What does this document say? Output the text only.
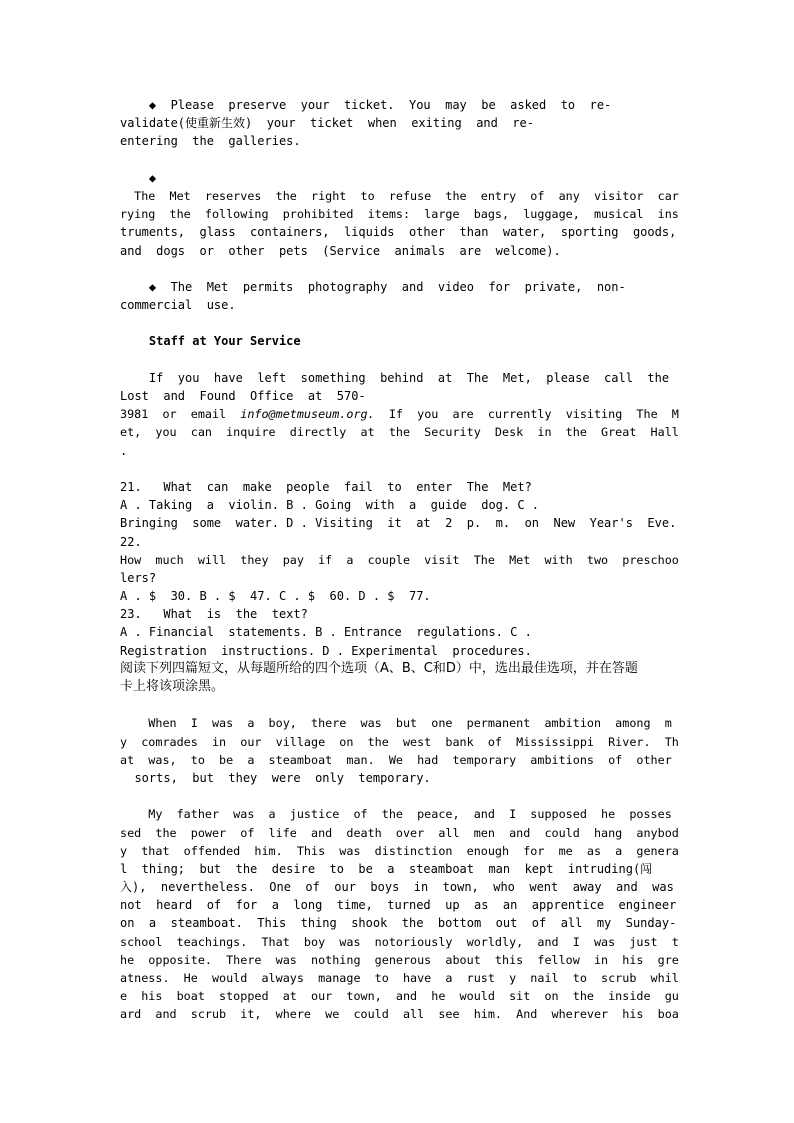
◆  Please  preserve  your  ticket.  You  may  be  asked  to  re-
validate(使重新生效)  your  ticket  when  exiting  and  re-
entering  the  galleries.
◆
The  Met  reserves  the  right  to  refuse  the  entry  of  any  visitor  car
rying  the  following  prohibited  items:  large  bags,  luggage,  musical  ins
truments,  glass  containers,  liquids  other  than  water,  sporting  goods,
and  dogs  or  other  pets  (Service  animals  are  welcome).
◆  The  Met  permits  photography  and  video  for  private,  non-
commercial  use.
Staff at Your Service
If  you  have  left  something  behind  at  The  Met,  please  call  the
Lost  and  Found  Office  at  570-
3981  or  email  info@metmuseum.org.  If  you  are  currently  visiting  The  M
et,  you  can  inquire  directly  at  the  Security  Desk  in  the  Great  Hall
.
21.   What  can  make  people  fail  to  enter  The  Met?
A . Taking  a  violin. B . Going  with  a  guide  dog. C .
Bringing  some  water. D . Visiting  it  at  2  p.  m.  on  New  Year's  Eve.
22.
How  much  will  they  pay  if  a  couple  visit  The  Met  with  two  preschoo
lers?
A . $  30. B . $  47. C . $  60. D . $  77.
23.   What  is  the  text?
A . Financial  statements. B . Entrance  regulations. C .
Registration  instructions. D . Experimental  procedures.
阅读下列四篇短文，从每题所给的四个选项（A、B、C和D）中，选出最佳选项，并在答题
卡上将该项涂黑。
When  I  was  a  boy,  there  was  but  one  permanent  ambition  among  m
y  comrades  in  our  village  on  the  west  bank  of  Mississippi  River.  Th
at  was,  to  be  a  steamboat  man.  We  had  temporary  ambitions  of  other
sorts,  but  they  were  only  temporary.
My  father  was  a  justice  of  the  peace,  and  I  supposed  he  posses
sed  the  power  of  life  and  death  over  all  men  and  could  hang  anybod
y  that  offended  him.  This  was  distinction  enough  for  me  as  a  genera
l  thing;  but  the  desire  to  be  a  steamboat  man  kept  intruding(闯
入),  nevertheless.  One  of  our  boys  in  town,  who  went  away  and  was
not  heard  of  for  a  long  time,  turned  up  as  an  apprentice  engineer
on  a  steamboat.  This  thing  shook  the  bottom  out  of  all  my  Sunday-
school  teachings.  That  boy  was  notoriously  worldly,  and  I  was  just  t
he  opposite.  There  was  nothing  generous  about  this  fellow  in  his  gre
atness.  He  would  always  manage  to  have  a  rust  y  nail  to  scrub  whil
e  his  boat  stopped  at  our  town,  and  he  would  sit  on  the  inside  gu
ard  and  scrub  it,  where  we  could  all  see  him.  And  wherever  his  boa
